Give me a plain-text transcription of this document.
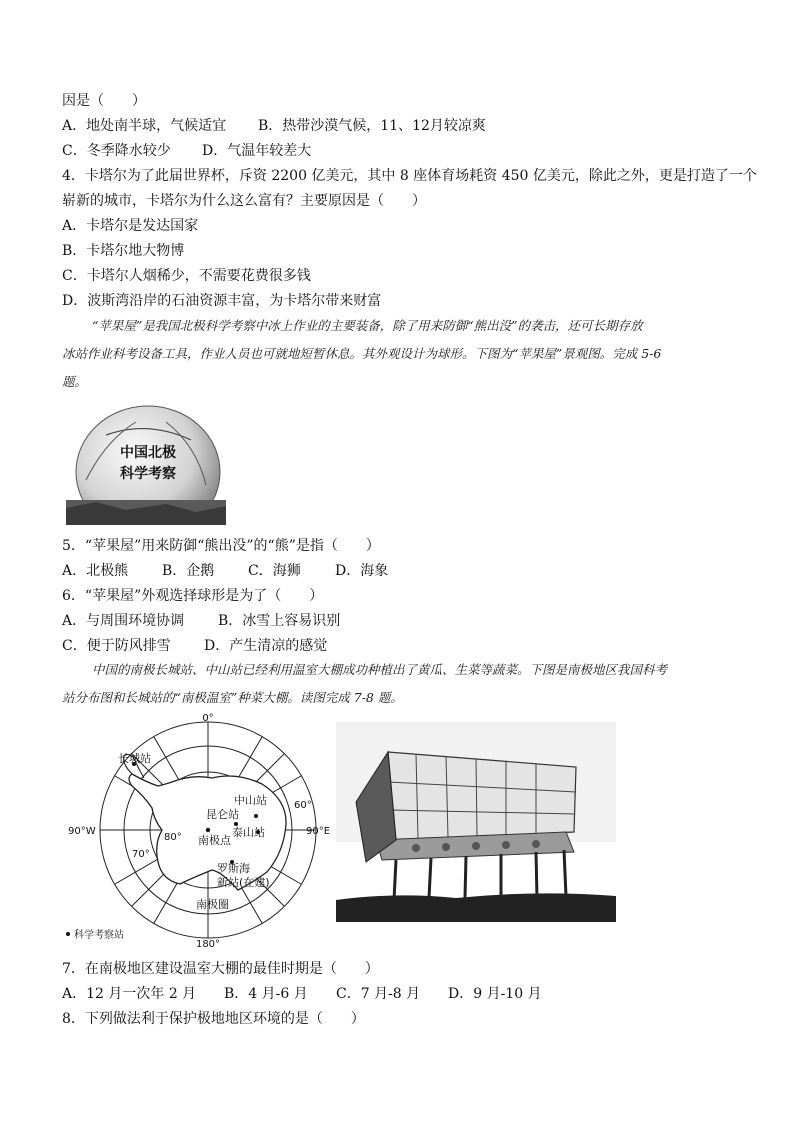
因是（　　）
A．地处南半球，气候适宜 B．热带沙漠气候，11、12月较凉爽
C．冬季降水较少 D．气温年较差大
4．卡塔尔为了此届世界杯，斥资 2200 亿美元，其中 8 座体育场耗资 450 亿美元，除此之外，更是打造了一个
崭新的城市，卡塔尔为什么这么富有？主要原因是（　　）
A．卡塔尔是发达国家
B．卡塔尔地大物博
C．卡塔尔人烟稀少，不需要花费很多钱
D．波斯湾沿岸的石油资源丰富，为卡塔尔带来财富
“苹果屋”是我国北极科学考察中冰上作业的主要装备，除了用来防御“熊出没”的袭击，还可长期存放
冰站作业科考设备工具，作业人员也可就地短暂休息。其外观设计为球形。下图为“苹果屋”景观图。完成 5-6
题。
中国北极
科学考察
5．“苹果屋”用来防御“熊出没”的“熊”是指（　　）
A．北极熊 B．企鹅 C．海狮 D．海象
6．“苹果屋”外观选择球形是为了（　　）
A．与周围环境协调 B．冰雪上容易识别
C．便于防风排雪 D．产生清凉的感觉
中国的南极长城站、中山站已经利用温室大棚成功种植出了黄瓜、生菜等蔬菜。下图是南极地区我国科考
站分布图和长城站的“南极温室”种菜大棚。读图完成 7-8 题。
0°
180°
90°W	90°E
60°
70°
80°
长城站
中山站
昆仑站
泰山站
南极点
罗斯海
新站(在建)
南极圈
科学考察站
7．在南极地区建设温室大棚的最佳时期是（　　）
A．12 月一次年 2 月 B．4 月-6 月 C．7 月-8 月 D．9 月-10 月
8．下列做法利于保护极地地区环境的是（　　）
